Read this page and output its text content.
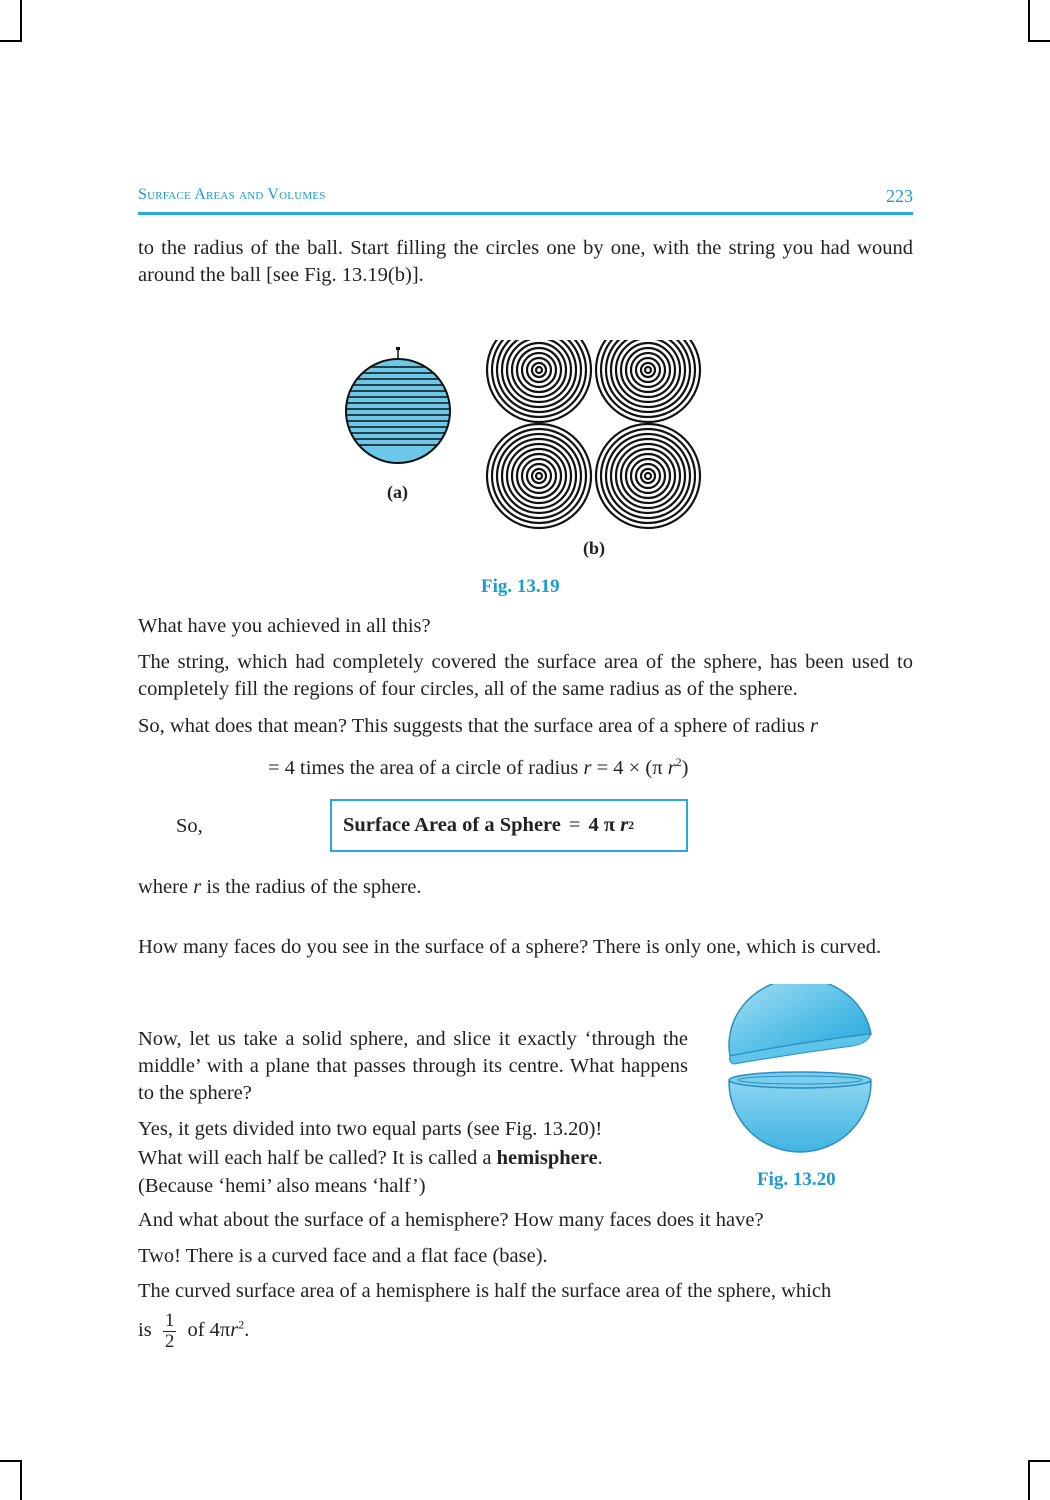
Surface Areas and Volumes	223

to the radius of the ball. Start filling the circles one by one, with the string you had wound around the ball [see Fig. 13.19(b)].

(a)
(b)
Fig. 13.19

What have you achieved in all this?

The string, which had completely covered the surface area of the sphere, has been used to completely fill the regions of four circles, all of the same radius as of the sphere.

So, what does that mean? This suggests that the surface area of a sphere of radius r

= 4 times the area of a circle of radius r = 4 × (π $r^2$)
So,	Surface Area of a Sphere = 4 π
r 2
where r is the radius of the sphere.

How many faces do you see in the surface of a sphere? There is only one, which is curved.

Now, let us take a solid sphere, and slice it exactly ‘through the middle’ with a plane that passes through its centre. What happens to the sphere?

Yes, it gets divided into two equal parts (see Fig. 13.20)!

What will each half be called? It is called a hemisphere.

(Because ‘hemi’ also means ‘half’)	Fig. 13.20

And what about the surface of a hemisphere? How many faces does it have?

Two! There is a curved face and a flat face (base).

The curved surface area of a hemisphere is half the surface area of the sphere, which

is $\frac{1}{2}$ of $4\pi r^2$.
